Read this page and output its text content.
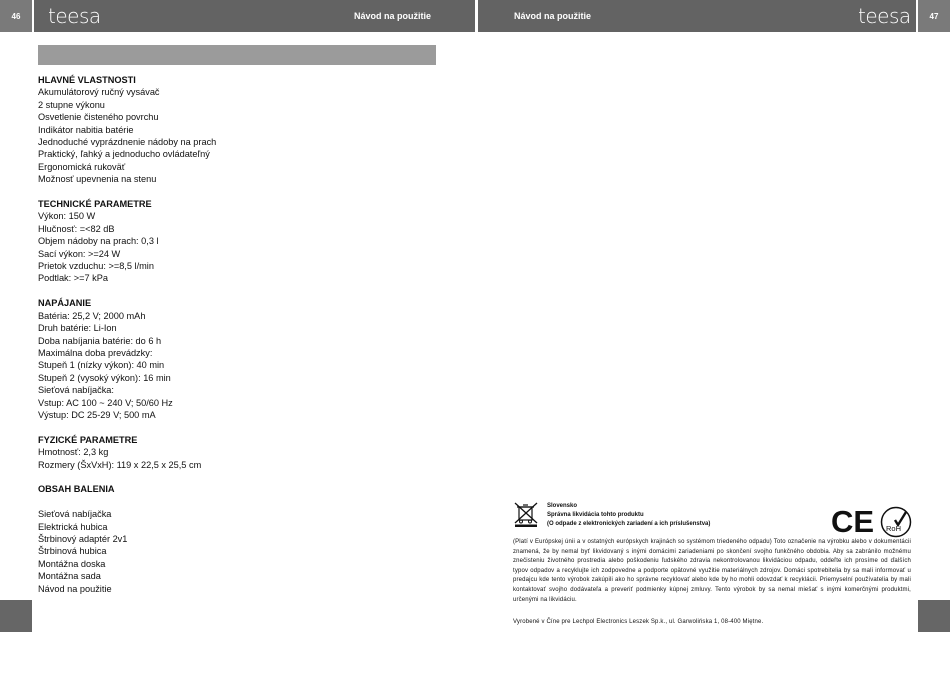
46	teesa	Návod na použitie	Návod na použitie	teesa	47
HLAVNÉ VLASTNOSTI
Akumulátorový ručný vysávač
2 stupne výkonu
Osvetlenie čisteného povrchu
Indikátor nabitia batérie
Jednoduché vyprázdnenie nádoby na prach
Praktický, ľahký a jednoducho ovládateľný
Ergonomická rukoväť
Možnosť upevnenia na stenu
TECHNICKÉ PARAMETRE
Výkon: 150 W
Hlučnosť: =<82 dB
Objem nádoby na prach: 0,3 l
Sací výkon: >=24 W
Prietok vzduchu: >=8,5 l/min
Podtlak: >=7 kPa
NAPÁJANIE
Batéria: 25,2 V; 2000 mAh
Druh batérie: Li-Ion
Doba nabíjania batérie: do 6 h
Maximálna doba prevádzky:
Stupeň 1 (nízky výkon): 40 min
Stupeň 2 (vysoký výkon): 16 min
Sieťová nabíjačka:
Vstup: AC 100 ~ 240 V; 50/60 Hz
Výstup: DC 25-29 V; 500 mA
FYZICKÉ PARAMETRE
Hmotnosť: 2,3 kg
Rozmery (ŠxVxH): 119 x 22,5 x 25,5 cm
OBSAH BALENIA
Sieťová nabíjačka
Elektrická hubica
Štrbinový adaptér 2v1
Štrbinová hubica
Montážna doska
Montážna sada
Návod na použitie
Slovensko
Správna likvidácia tohto produktu
(O odpade z elektronických zariadení a ich príslušenstva)	CE RoH
(Platí v Európskej únii a v ostatných európskych krajinách so systémom triedeného odpadu) Toto označenie na výrobku alebo v dokumentácii znamená, že by nemal byť likvidovaný s inými domácimi zariadeniami po skončení svojho funkčného obdobia. Aby sa zabránilo možnému znečisteniu životného prostredia alebo poškodeniu ľudského zdravia nekontrolovanou likvidáciou odpadu, oddeľte ich prosíme od ďalších typov odpadov a recyklujte ich zodpovedne a podporte opätovné využitie materiálnych zdrojov. Domáci spotrebitelia by sa mali informovať u predajcu kde tento výrobok zakúpili ako ho správne recyklovať alebo kde by ho mohli odovzdať k recyklácii. Priemyselní používatelia by mali kontaktovať svojho dodávateľa a preveriť podmienky kúpnej zmluvy. Tento výrobok by sa nemal miešať s inými komerčnými produktmi, určenými na likvidáciu.
Vyrobené v Číne pre Lechpol Electronics Leszek Sp.k., ul. Garwolińska 1, 08-400 Miętne.
